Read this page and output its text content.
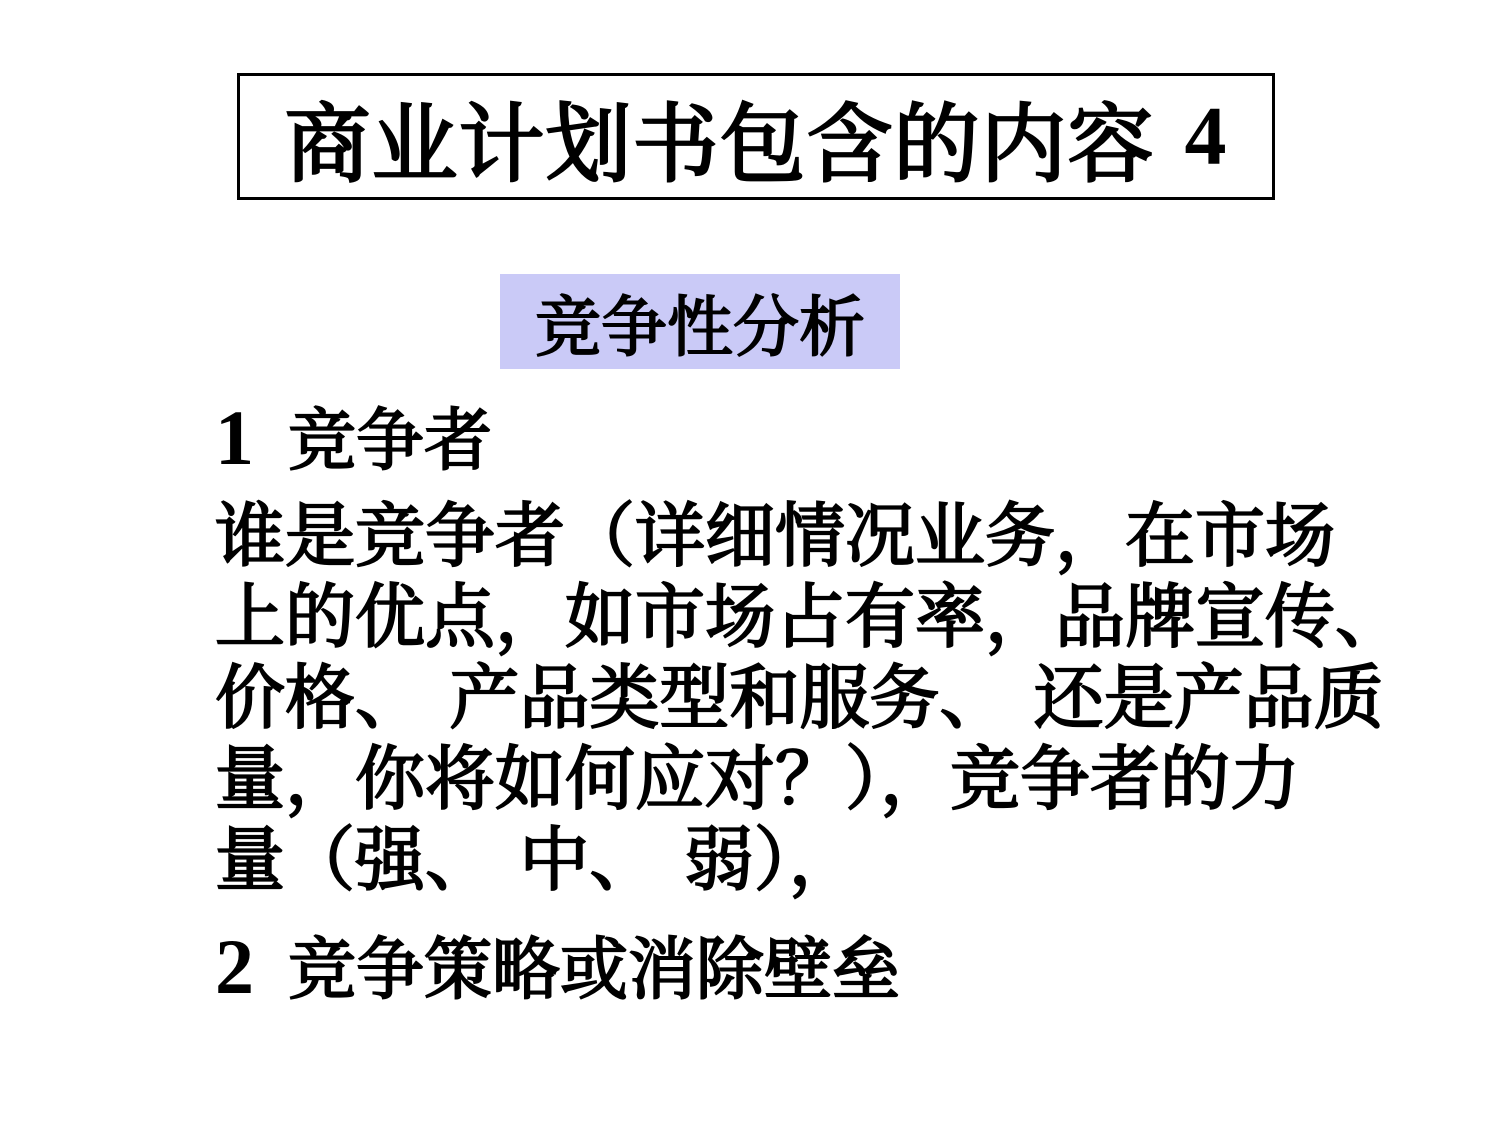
商业计划书包含的内容 4
竞争性分析
1 竞争者
谁是竞争者（详细情况业务，在市场
上的优点，如市场占有率，品牌宣传、
价格、 产品类型和服务、 还是产品质
量，你将如何应对？），竞争者的力
量（强、 中、 弱），
2 竞争策略或消除壁垒
